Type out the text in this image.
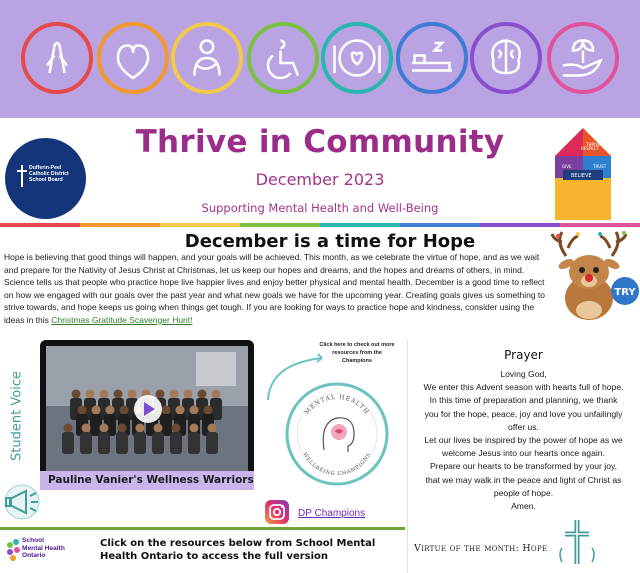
Dufferin-Peel
Catholic District
School Board
Thrive in Community
December 2023
Supporting Mental Health and Well-Being
RESPECT
THRIVE
GIVE	TRUST
BELIEVE
December is a time for Hope
Hope is believing that good things will happen, and your goals will be achieved. This month, as we celebrate the virtue of hope, and as we wait and prepare for the Nativity of Jesus Christ at Christmas, let us keep our hopes and dreams, and the hopes and dreams of others, in mind. Science tells us that people who practice hope live happier lives and enjoy better physical and mental health. December is a good time to reflect on how we engaged with our goals over the past year and what new goals we have for the upcoming year. Creating goals gives us something to strive towards, and hope keeps us going when things get tough. If you are looking for ways to practice hope and kindness, consider using the ideas in this Christmas Gratitude Scavenger Hunt!
TRY
Student Voice
Pauline Vanier's Wellness Warriors
Click here to check out more resources from the Champions
MENTAL HEALTH
WELLBEING CHAMPIONS
DP Champions
Prayer
Loving God,
We enter this Advent season with hearts full of hope.
In this time of preparation and planning, we thank
you for the hope, peace, joy and love you unfailingly
offer us.
Let our lives be inspired by the power of hope as we
welcome Jesus into our hearts once again.
Prepare our hearts to be transformed by your joy,
that we may walk in the peace and light of Christ as
people of hope.
Amen.
Virtue of the month: Hope
School
Mental Health
Ontario
Click on the resources below from School Mental Health Ontario to access the full version
